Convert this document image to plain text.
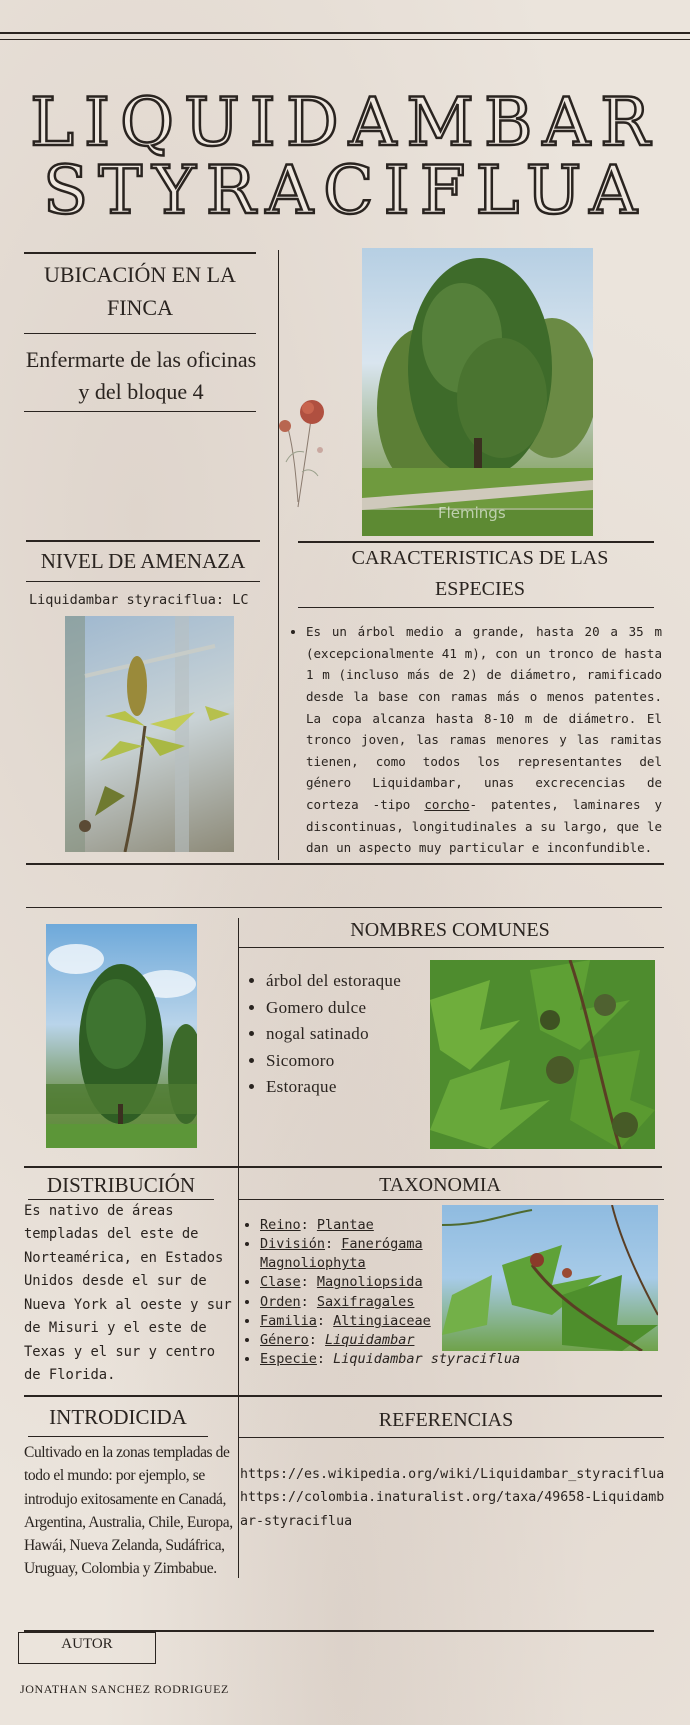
LIQUIDAMBAR
STYRACIFLUA
UBICACIÓN EN LA FINCA
Enfermarte de las oficinas y del bloque 4
Flemings
NIVEL DE AMENAZA
Liquidambar styraciflua: LC
CARACTERISTICAS DE LAS ESPECIES
• Es un árbol medio a grande, hasta 20 a 35 m (excepcionalmente 41 m), con un tronco de hasta 1 m (incluso más de 2) de diámetro, ramificado desde la base con ramas más o menos patentes. La copa alcanza hasta 8-10 m de diámetro. El tronco joven, las ramas menores y las ramitas tienen, como todos los representantes del género Liquidambar, unas excrecencias de corteza -tipo corcho- patentes, laminares y discontinuas, longitudinales a su largo, que le dan un aspecto muy particular e inconfundible.
NOMBRES COMUNES
• árbol del estoraque
• Gomero dulce
• nogal satinado
• Sicomoro
• Estoraque
DISTRIBUCIÓN
Es nativo de áreas templadas del este de Norteamérica, en Estados Unidos desde el sur de Nueva York al oeste y sur de Misuri y el este de Texas y el sur y centro de Florida.
TAXONOMIA
• Reino: Plantae
• División: Fanerógama Magnoliophyta
• Clase: Magnoliopsida
• Orden: Saxifragales
• Familia: Altingiaceae
• Género: Liquidambar
• Especie: Liquidambar styraciflua
INTRODICIDA
Cultivado en la zonas templadas de todo el mundo: por ejemplo, se introdujo exitosamente en Canadá, Argentina, Australia, Chile, Europa, Hawái, Nueva Zelanda, Sudáfrica, Uruguay, Colombia y Zimbabue.
REFERENCIAS
https://es.wikipedia.org/wiki/Liquidambar_styraciflua
https://colombia.inaturalist.org/taxa/49658-Liquidambar-styraciflua
AUTOR
JONATHAN SANCHEZ RODRIGUEZ
